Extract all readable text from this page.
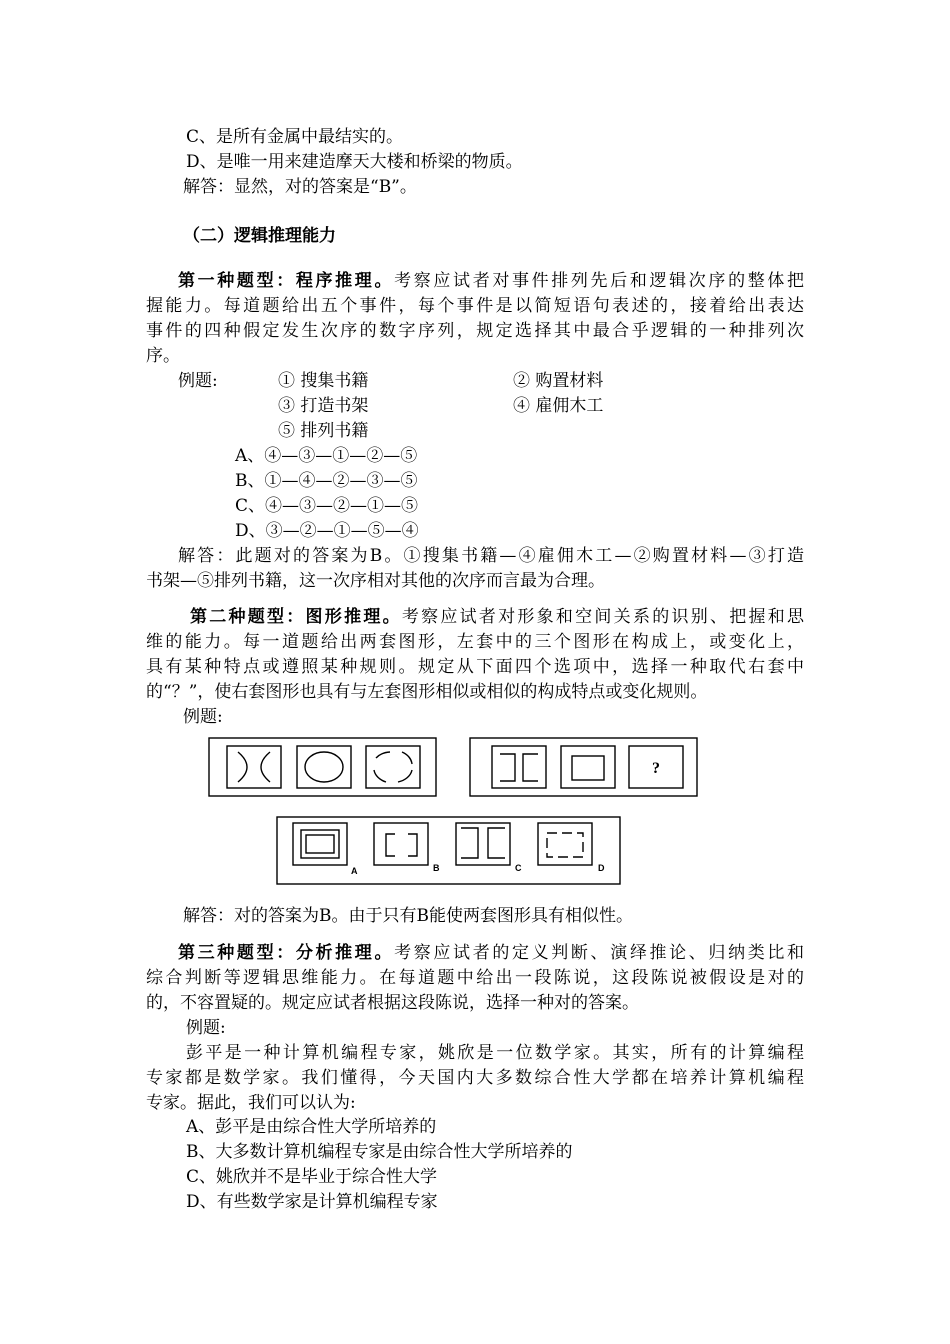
C、是所有金属中最结实的。
D、是唯一用来建造摩天大楼和桥梁的物质。
解答：显然，对的答案是“B”。
（二）逻辑推理能力
第一种题型：程序推理。考察应试者对事件排列先后和逻辑次序的整体把
握能力。每道题给出五个事件，每个事件是以简短语句表述的，接着给出表达
事件的四种假定发生次序的数字序列，规定选择其中最合乎逻辑的一种排列次
序。
例题:	① 搜集书籍	② 购置材料
③ 打造书架	④ 雇佣木工
⑤ 排列书籍
A、④—③—①—②—⑤
B、①—④—②—③—⑤
C、④—③—②—①—⑤
D、③—②—①—⑤—④
解答：此题对的答案为B。①搜集书籍—④雇佣木工—②购置材料—③打造
书架—⑤排列书籍，这一次序相对其他的次序而言最为合理。
第二种题型：图形推理。考察应试者对形象和空间关系的识别、把握和思
维的能力。每一道题给出两套图形，左套中的三个图形在构成上，或变化上，
具有某种特点或遵照某种规则。规定从下面四个选项中，选择一种取代右套中
的“？”，使右套图形也具有与左套图形相似或相似的构成特点或变化规则。
例题:
?
A	B	C	D
解答：对的答案为B。由于只有B能使两套图形具有相似性。
第三种题型：分析推理。考察应试者的定义判断、演绎推论、归纳类比和
综合判断等逻辑思维能力。在每道题中给出一段陈说，这段陈说被假设是对的
的，不容置疑的。规定应试者根据这段陈说，选择一种对的答案。
例题:
彭平是一种计算机编程专家，姚欣是一位数学家。其实，所有的计算编程
专家都是数学家。我们懂得，今天国内大多数综合性大学都在培养计算机编程
专家。据此，我们可以认为:
A、彭平是由综合性大学所培养的
B、大多数计算机编程专家是由综合性大学所培养的
C、姚欣并不是毕业于综合性大学
D、有些数学家是计算机编程专家
